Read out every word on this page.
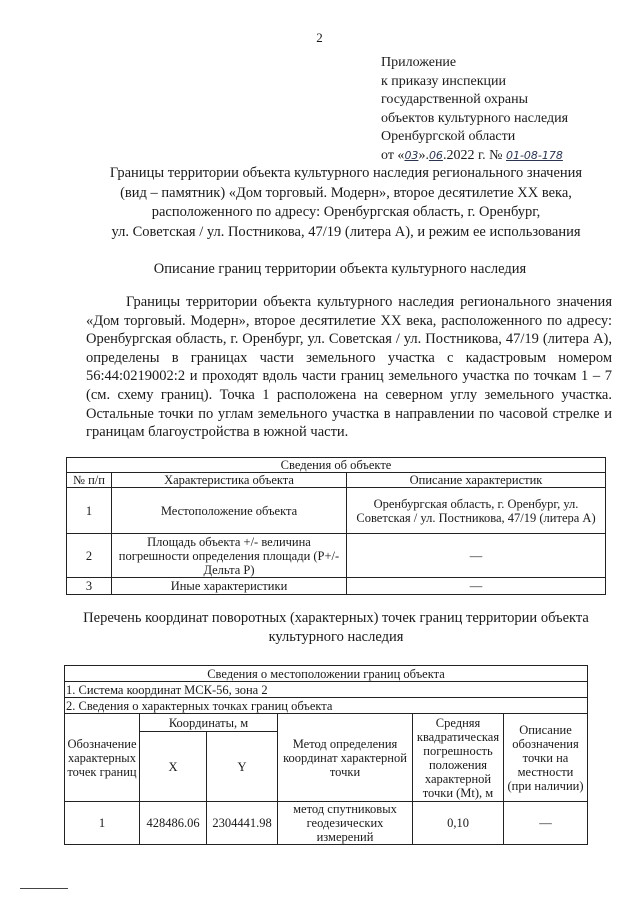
2
Приложение
к приказу инспекции
государственной охраны
объектов культурного наследия
Оренбургской области
от «03».06.2022 г. № 01-08-178
Границы территории объекта культурного наследия регионального значения
(вид – памятник) «Дом торговый. Модерн», второе десятилетие XX века,
расположенного по адресу: Оренбургская область, г. Оренбург,
ул. Советская / ул. Постникова, 47/19 (литера А), и режим ее использования
Описание границ территории объекта культурного наследия
Границы территории объекта культурного наследия регионального значения «Дом торговый. Модерн», второе десятилетие XX века, расположенного по адресу: Оренбургская область, г. Оренбург, ул. Советская / ул. Постникова, 47/19 (литера А), определены в границах части земельного участка с кадастровым номером 56:44:0219002:2 и проходят вдоль части границ земельного участка по точкам 1 – 7 (см. схему границ). Точка 1 расположена на северном углу земельного участка. Остальные точки по углам земельного участка в направлении по часовой стрелке и границам благоустройства в южной части.
Сведения об объекте		
№ п/п	Характеристика объекта	Описание характеристик
1	Местоположение объекта	Оренбургская область, г. Оренбург, ул. Советская / ул. Постникова, 47/19 (литера А)
2	Площадь объекта +/- величина погрешности определения площади (P+/- Дельта P)	—
3	Иные характеристики	—
Перечень координат поворотных (характерных) точек границ территории объекта культурного наследия
Сведения о местоположении границ объекта					
1. Система координат МСК-56, зона 2					
2. Сведения о характерных точках границ объекта					
Обозначение характерных точек границ	Координаты, м		Метод определения координат характерной точки	Средняя квадратическая погрешность положения характерной точки (Mt), м	Описание обозначения точки на местности (при наличии)
	X	Y			
1	428486.06	2304441.98	метод спутниковых геодезических измерений	0,10	—
